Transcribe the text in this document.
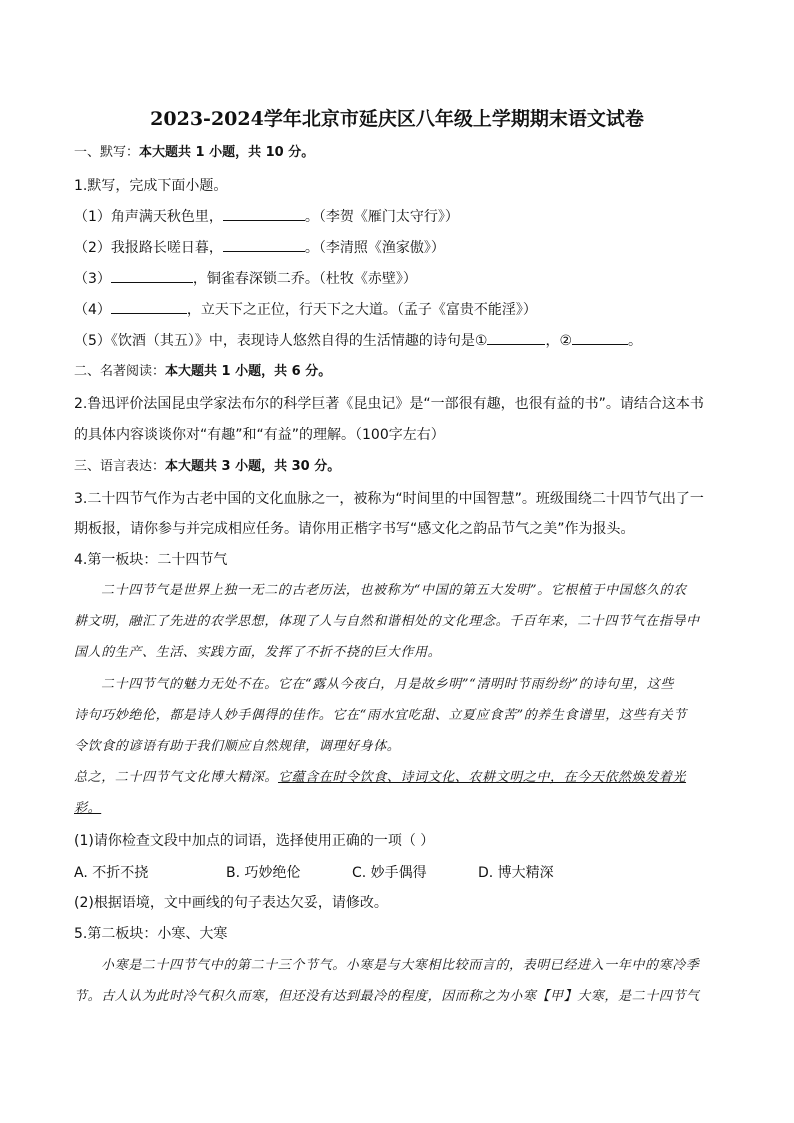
2023-2024学年北京市延庆区八年级上学期期末语文试卷
一、默写：本大题共 1 小题，共 10 分。
1.默写，完成下面小题。
（1）角声满天秋色里，	。（李贺《雁门太守行》）
（2）我报路长嗟日暮，	。（李清照《渔家傲》）
（3）	，铜雀春深锁二乔。（杜牧《赤壁》）
（4）	，立天下之正位，行天下之大道。（孟子《富贵不能淫》）
（5）《饮酒（其五）》中，表现诗人悠然自得的生活情趣的诗句是①	，②	。
二、名著阅读：本大题共 1 小题，共 6 分。
2.鲁迅评价法国昆虫学家法布尔的科学巨著《昆虫记》是“一部很有趣，也很有益的书”。请结合这本书
的具体内容谈谈你对“有趣”和“有益”的理解。（100字左右）
三、语言表达：本大题共 3 小题，共 30 分。
3.二十四节气作为古老中国的文化血脉之一，被称为“时间里的中国智慧”。班级围绕二十四节气出了一
期板报，请你参与并完成相应任务。请你用正楷字书写“感文化之韵品节气之美”作为报头。
4.第一板块：二十四节气
二十四节气是世界上独一无二的古老历法，也被称为“中国的第五大发明”。它根植于中国悠久的农
耕文明，融汇了先进的农学思想，体现了人与自然和谐相处的文化理念。千百年来，二十四节气在指导中
国人的生产、生活、实践方面，发挥了不折不挠的巨大作用。
二十四节气的魅力无处不在。它在“露从今夜白，月是故乡明”“清明时节雨纷纷”的诗句里，这些
诗句巧妙绝伦，都是诗人妙手偶得的佳作。它在“雨水宜吃甜、立夏应食苦”的养生食谱里，这些有关节
令饮食的谚语有助于我们顺应自然规律，调理好身体。
总之，二十四节气文化博大精深。它蕴含在时令饮食、诗词文化、农耕文明之中，在今天依然焕发着光
彩。
(1)请你检查文段中加点的词语，选择使用正确的一项（ ）
A. 不折不挠	B. 巧妙绝伦	C. 妙手偶得	D. 博大精深
(2)根据语境，文中画线的句子表达欠妥，请修改。
5.第二板块：小寒、大寒
小寒是二十四节气中的第二十三个节气。小寒是与大寒相比较而言的，表明已经进入一年中的寒冷季
节。古人认为此时冷气积久而寒，但还没有达到最冷的程度，因而称之为小寒【甲】大寒，是二十四节气
